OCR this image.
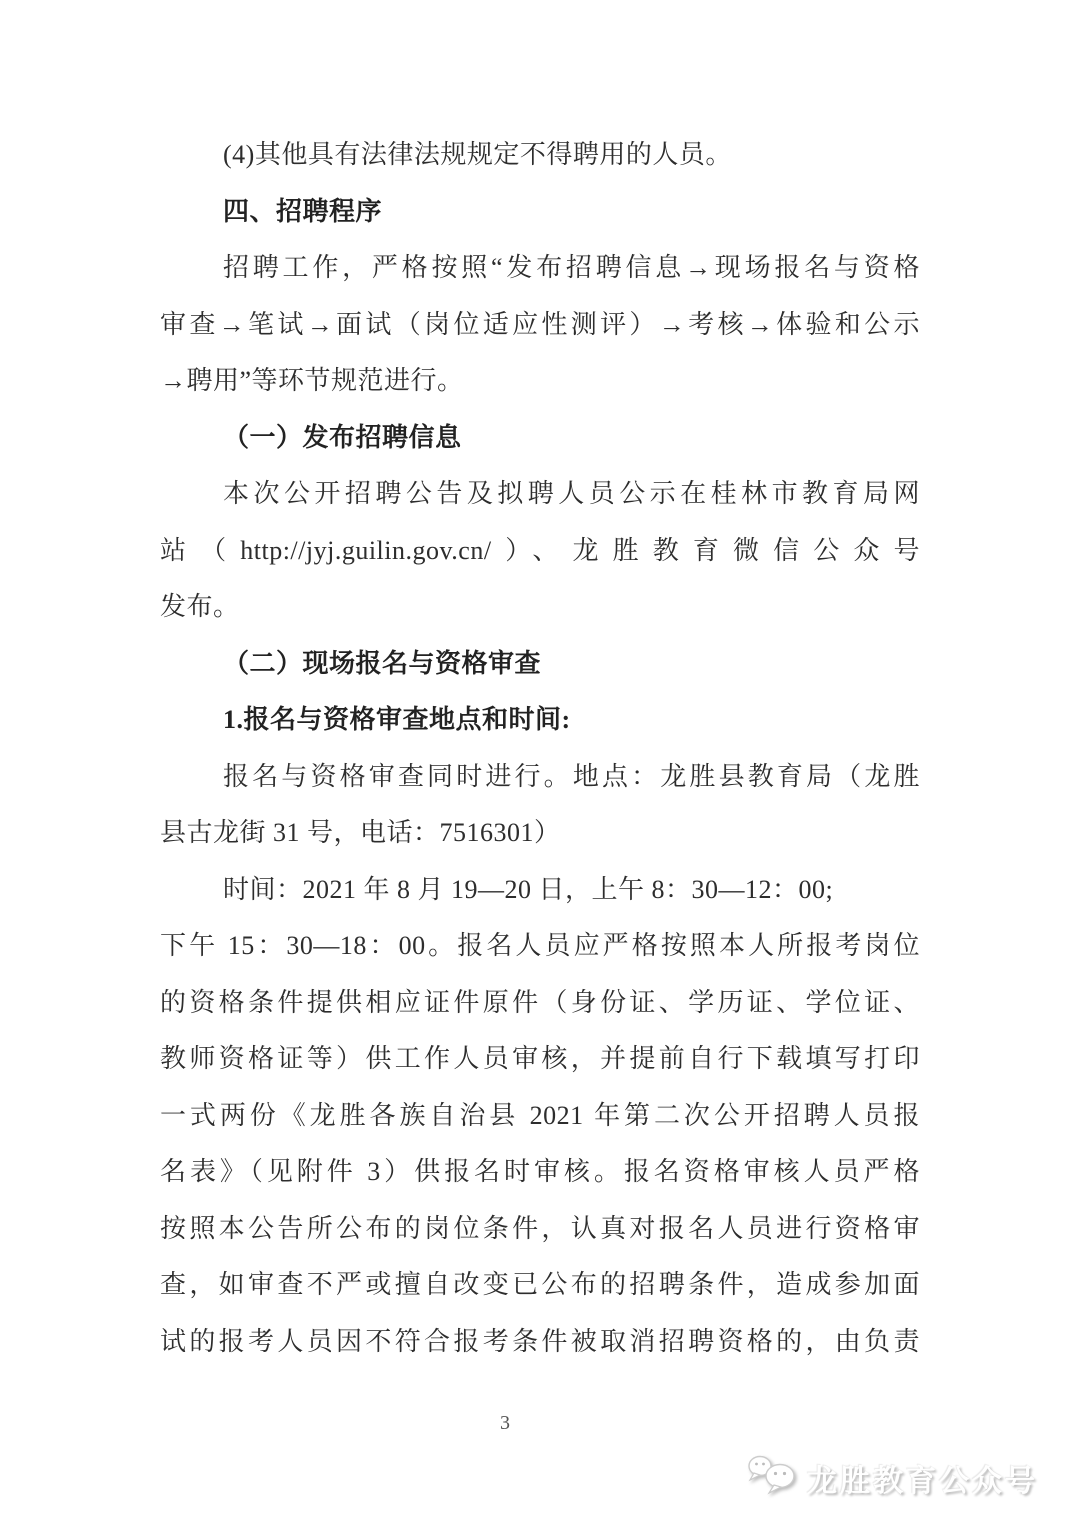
(4)其他具有法律法规规定不得聘用的人员。
四、招聘程序
招聘工作，严格按照“发布招聘信息→现场报名与资格
审查→笔试→面试（岗位适应性测评）→考核→体验和公示
→聘用”等环节规范进行。
（一）发布招聘信息
本次公开招聘公告及拟聘人员公示在桂林市教育局网
站（http://jyj.guilin.gov.cn/）、龙胜教育微信公众号
发布。
（二）现场报名与资格审查
1.报名与资格审查地点和时间:
报名与资格审查同时进行。地点：龙胜县教育局（龙胜
县古龙街 31 号，电话：7516301）
时间：2021 年 8 月 19—20 日，上午 8：30—12：00;
下午 15：30—18：00。报名人员应严格按照本人所报考岗位
的资格条件提供相应证件原件（身份证、学历证、学位证、
教师资格证等）供工作人员审核，并提前自行下载填写打印
一式两份《龙胜各族自治县 2021 年第二次公开招聘人员报
名表》（见附件 3）供报名时审核。报名资格审核人员严格
按照本公告所公布的岗位条件，认真对报名人员进行资格审
查，如审查不严或擅自改变已公布的招聘条件，造成参加面
试的报考人员因不符合报考条件被取消招聘资格的，由负责
3
龙胜教育公众号
